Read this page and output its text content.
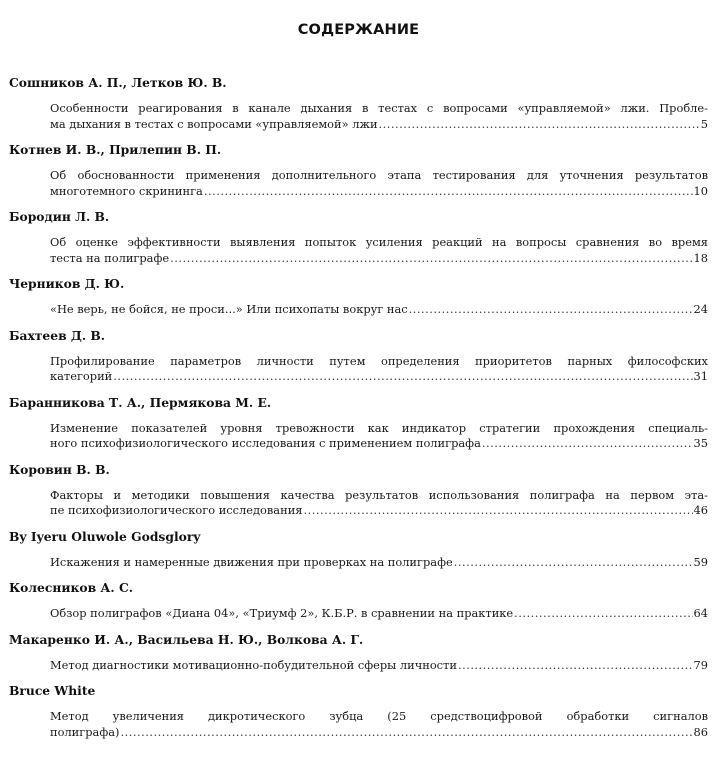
СОДЕРЖАНИЕ
Сошников А. П., Летков Ю. В.
Особенности реагирования в канале дыхания в тестах с вопросами «управляемой» лжи. Пробле-
ма дыхания в тестах с вопросами «управляемой» лжи .....	5
Котнев И. В., Прилепин В. П.
Об обоснованности применения дополнительного этапа тестирования для уточнения результатов
многотемного скрининга .....	10
Бородин Л. В.
Об оценке эффективности выявления попыток усиления реакций на вопросы сравнения во время
теста на полиграфе .....	18
Черников Д. Ю.
«Не верь, не бойся, не проси...» Или психопаты вокруг нас .....	24
Бахтеев Д. В.
Профилирование параметров личности путем определения приоритетов парных философских
категорий .....	31
Баранникова Т. А., Пермякова М. Е.
Изменение показателей уровня тревожности как индикатор стратегии прохождения специаль-
ного психофизиологического исследования с применением полиграфа .....	35
Коровин В. В.
Факторы и методики повышения качества результатов использования полиграфа на первом эта-
пе психофизиологического исследования .....	46
By Iyeru Oluwole Godsglory
Искажения и намеренные движения при проверках на полиграфе .....	59
Колесников А. С.
Обзор полиграфов «Диана 04», «Триумф 2», К.Б.Р. в сравнении на практике .....	64
Макаренко И. А., Васильева Н. Ю., Волкова А. Г.
Метод диагностики мотивационно-побудительной сферы личности .....	79
Bruce White
Метод увеличения дикротического зубца (25 средствоцифровой обработки сигналов
полиграфа) .....	86
